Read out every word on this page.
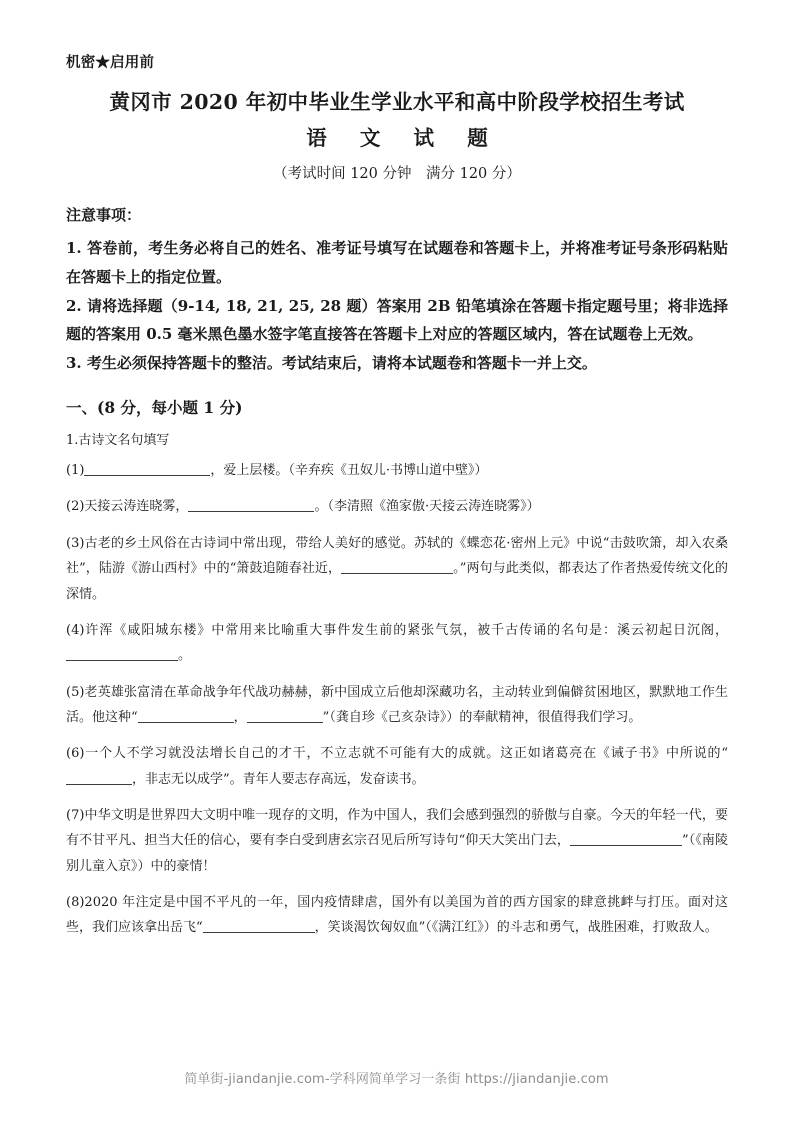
机密★启用前
黄冈市 2020 年初中毕业生学业水平和高中阶段学校招生考试
语 文 试 题
（考试时间 120 分钟　满分 120 分）
注意事项：

1. 答卷前，考生务必将自己的姓名、准考证号填写在试题卷和答题卡上，并将准考证号条形码粘贴在答题卡上的指定位置。

2. 请将选择题（9-14, 18, 21, 25, 28 题）答案用 2B 铅笔填涂在答题卡指定题号里；将非选择题的答案用 0.5 毫米黑色墨水签字笔直接答在答题卡上对应的答题区域内，答在试题卷上无效。

3. 考生必须保持答题卡的整洁。考试结束后，请将本试题卷和答题卡一并上交。

一、(8 分，每小题 1 分)
1.古诗文名句填写

(1)	，爱上层楼。（辛弃疾《丑奴儿·书博山道中壁》）

(2)天接云涛连晓雾，	。（李清照《渔家傲·天接云涛连晓雾》）

(3)古老的乡土风俗在古诗词中常出现，带给人美好的感觉。苏轼的《蝶恋花·密州上元》中说“击鼓吹箫，却入农桑社”，陆游《游山西村》中的“箫鼓追随春社近，	。”两句与此类似，都表达了作者热爱传统文化的深情。

(4)许浑《咸阳城东楼》中常用来比喻重大事件发生前的紧张气氛，被千古传诵的名句是：溪云初起日沉阁，。

(5)老英雄张富清在革命战争年代战功赫赫，新中国成立后他却深藏功名，主动转业到偏僻贫困地区，默默地工作生活。他这种“	，	”（龚自珍《己亥杂诗》）的奉献精神，很值得我们学习。

(6)一个人不学习就没法增长自己的才干，不立志就不可能有大的成就。这正如诸葛亮在《诫子书》中所说的“，非志无以成学”。青年人要志存高远，发奋读书。

(7)中华文明是世界四大文明中唯一现存的文明，作为中国人，我们会感到强烈的骄傲与自豪。今天的年轻一代，要有不甘平凡、担当大任的信心，要有李白受到唐玄宗召见后所写诗句“仰天大笑出门去，	”（《南陵别儿童入京》）中的豪情！

(8)2020 年注定是中国不平凡的一年，国内疫情肆虐，国外有以美国为首的西方国家的肆意挑衅与打压。面对这些，我们应该拿出岳飞“	，笑谈渴饮匈奴血”（《满江红》）的斗志和勇气，战胜困难，打败敌人。

简单街-jiandanjie.com-学科网简单学习一条街 https://jiandanjie.com
